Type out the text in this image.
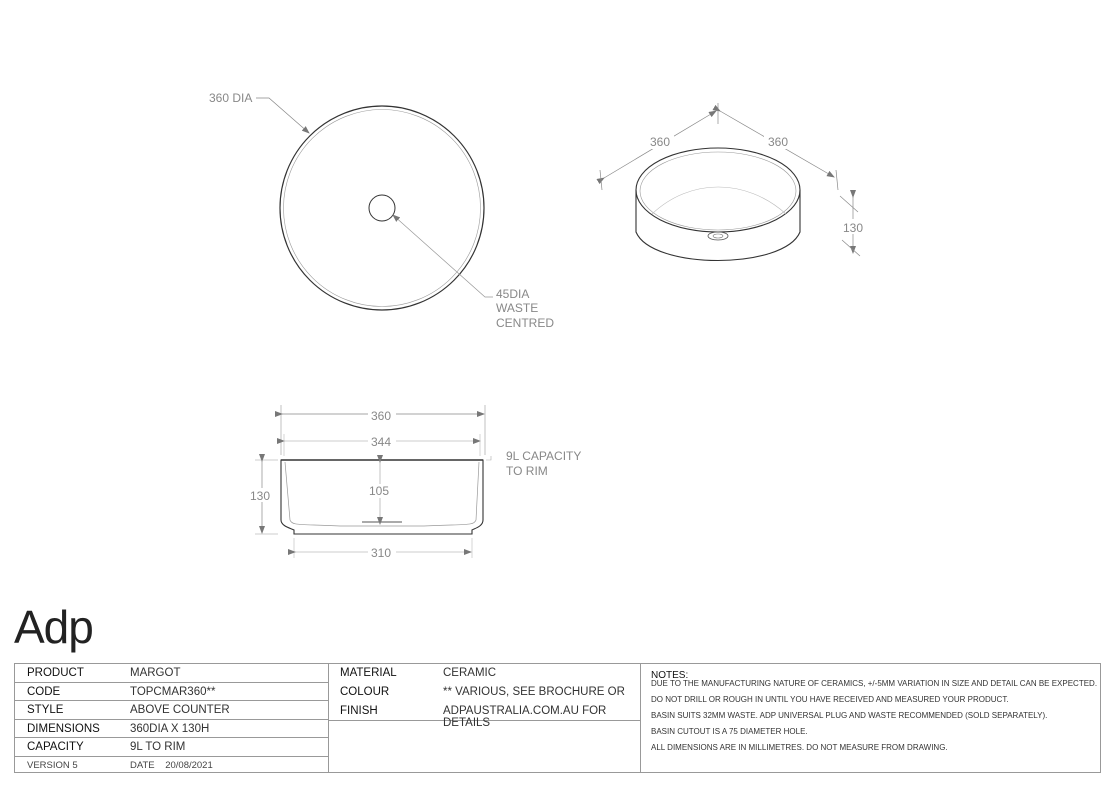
360 DIA
45DIA
WASTE
CENTRED
360	360
130
360
344
310
130	105
9L CAPACITY
TO RIM
Adp
PRODUCT	MARGOT
CODE	TOPCMAR360**
STYLE	ABOVE COUNTER
DIMENSIONS	360DIA X 130H
CAPACITY	9L TO RIM
VERSION 5	DATE 20/08/2021
MATERIAL	CERAMIC
COLOUR	** VARIOUS, SEE BROCHURE OR
FINISH	ADPAUSTRALIA.COM.AU FOR DETAILS
NOTES:
DUE TO THE MANUFACTURING NATURE OF CERAMICS, +/-5MM VARIATION IN SIZE AND DETAIL CAN BE EXPECTED.
DO NOT DRILL OR ROUGH IN UNTIL YOU HAVE RECEIVED AND MEASURED YOUR PRODUCT.
BASIN SUITS 32MM WASTE. ADP UNIVERSAL PLUG AND WASTE RECOMMENDED (SOLD SEPARATELY).
BASIN CUTOUT IS A 75 DIAMETER HOLE.
ALL DIMENSIONS ARE IN MILLIMETRES. DO NOT MEASURE FROM DRAWING.
